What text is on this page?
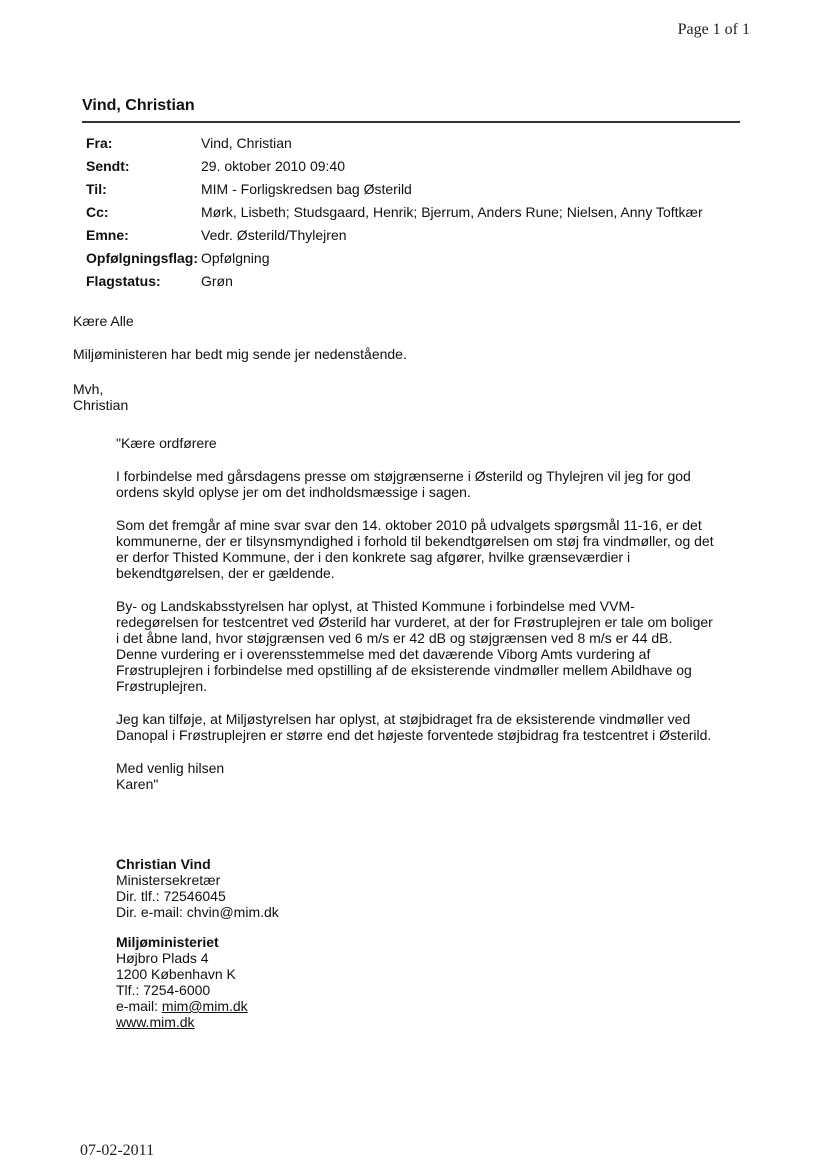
Page 1 of 1
Vind, Christian
Fra:	Vind, Christian
Sendt:	29. oktober 2010 09:40
Til:	MIM - Forligskredsen bag Østerild
Cc:	Mørk, Lisbeth; Studsgaard, Henrik; Bjerrum, Anders Rune; Nielsen, Anny Toftkær
Emne:	Vedr. Østerild/Thylejren
Opfølgningsflag:	Opfølgning
Flagstatus:	Grøn
Kære Alle
Miljøministeren har bedt mig sende jer nedenstående.
Mvh,
Christian

"Kære ordførere

I forbindelse med gårsdagens presse om støjgrænserne i Østerild og Thylejren vil jeg for god ordens skyld oplyse jer om det indholdsmæssige i sagen.

Som det fremgår af mine svar svar den 14. oktober 2010 på udvalgets spørgsmål 11-16, er det kommunerne, der er tilsynsmyndighed i forhold til bekendtgørelsen om støj fra vindmøller, og det er derfor Thisted Kommune, der i den konkrete sag afgører, hvilke grænseværdier i bekendtgørelsen, der er gældende.

By- og Landskabsstyrelsen har oplyst, at Thisted Kommune i forbindelse med VVM-redegørelsen for testcentret ved Østerild har vurderet, at der for Frøstruplejren er tale om boliger i det åbne land, hvor støjgrænsen ved 6 m/s er 42 dB og støjgrænsen ved 8 m/s er 44 dB. Denne vurdering er i overensstemmelse med det daværende Viborg Amts vurdering af Frøstruplejren i forbindelse med opstilling af de eksisterende vindmøller mellem Abildhave og Frøstruplejren.

Jeg kan tilføje, at Miljøstyrelsen har oplyst, at støjbidraget fra de eksisterende vindmøller ved Danopal i Frøstruplejren er større end det højeste forventede støjbidrag fra testcentret i Østerild.

Med venlig hilsen
Karen"
Christian Vind
Ministersekretær
Dir. tlf.: 72546045
Dir. e-mail: chvin@mim.dk
Miljøministeriet
Højbro Plads 4
1200 København K
Tlf.: 7254-6000
e-mail: mim@mim.dk
www.mim.dk
07-02-2011
